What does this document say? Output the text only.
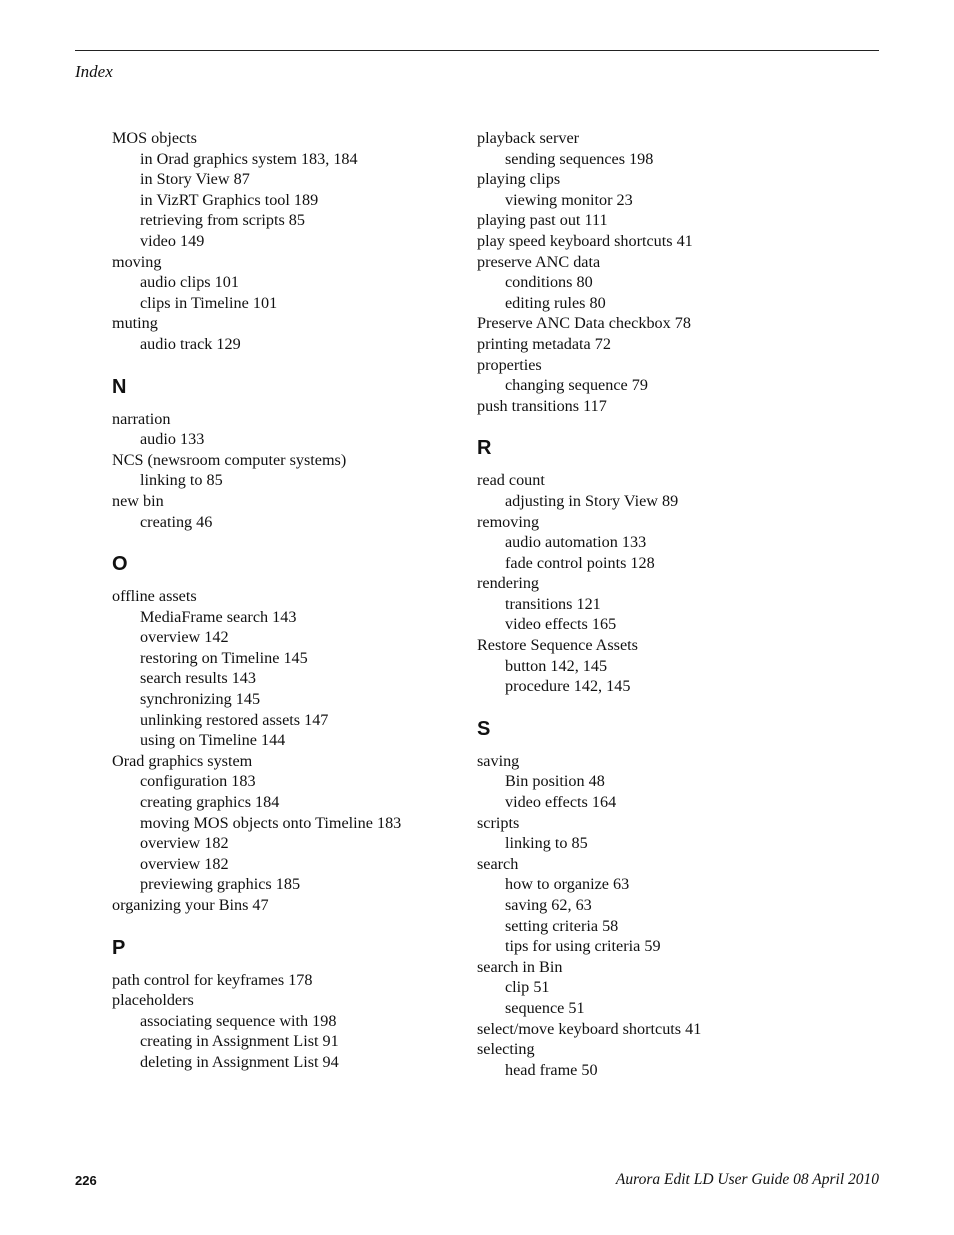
Index
MOS objects
in Orad graphics system 183, 184
in Story View 87
in VizRT Graphics tool 189
retrieving from scripts 85
video 149
moving
audio clips 101
clips in Timeline 101
muting
audio track 129
N
narration
audio 133
NCS (newsroom computer systems)
linking to 85
new bin
creating 46
O
offline assets
MediaFrame search 143
overview 142
restoring on Timeline 145
search results 143
synchronizing 145
unlinking restored assets 147
using on Timeline 144
Orad graphics system
configuration 183
creating graphics 184
moving MOS objects onto Timeline 183
overview 182
overview 182
previewing graphics 185
organizing your Bins 47
P
path control for keyframes 178
placeholders
associating sequence with 198
creating in Assignment List 91
deleting in Assignment List 94
playback server
sending sequences 198
playing clips
viewing monitor 23
playing past out 111
play speed keyboard shortcuts 41
preserve ANC data
conditions 80
editing rules 80
Preserve ANC Data checkbox 78
printing metadata 72
properties
changing sequence 79
push transitions 117
R
read count
adjusting in Story View 89
removing
audio automation 133
fade control points 128
rendering
transitions 121
video effects 165
Restore Sequence Assets
button 142, 145
procedure 142, 145
S
saving
Bin position 48
video effects 164
scripts
linking to 85
search
how to organize 63
saving 62, 63
setting criteria 58
tips for using criteria 59
search in Bin
clip 51
sequence 51
select/move keyboard shortcuts 41
selecting
head frame 50
226	Aurora Edit LD User Guide 08 April 2010
